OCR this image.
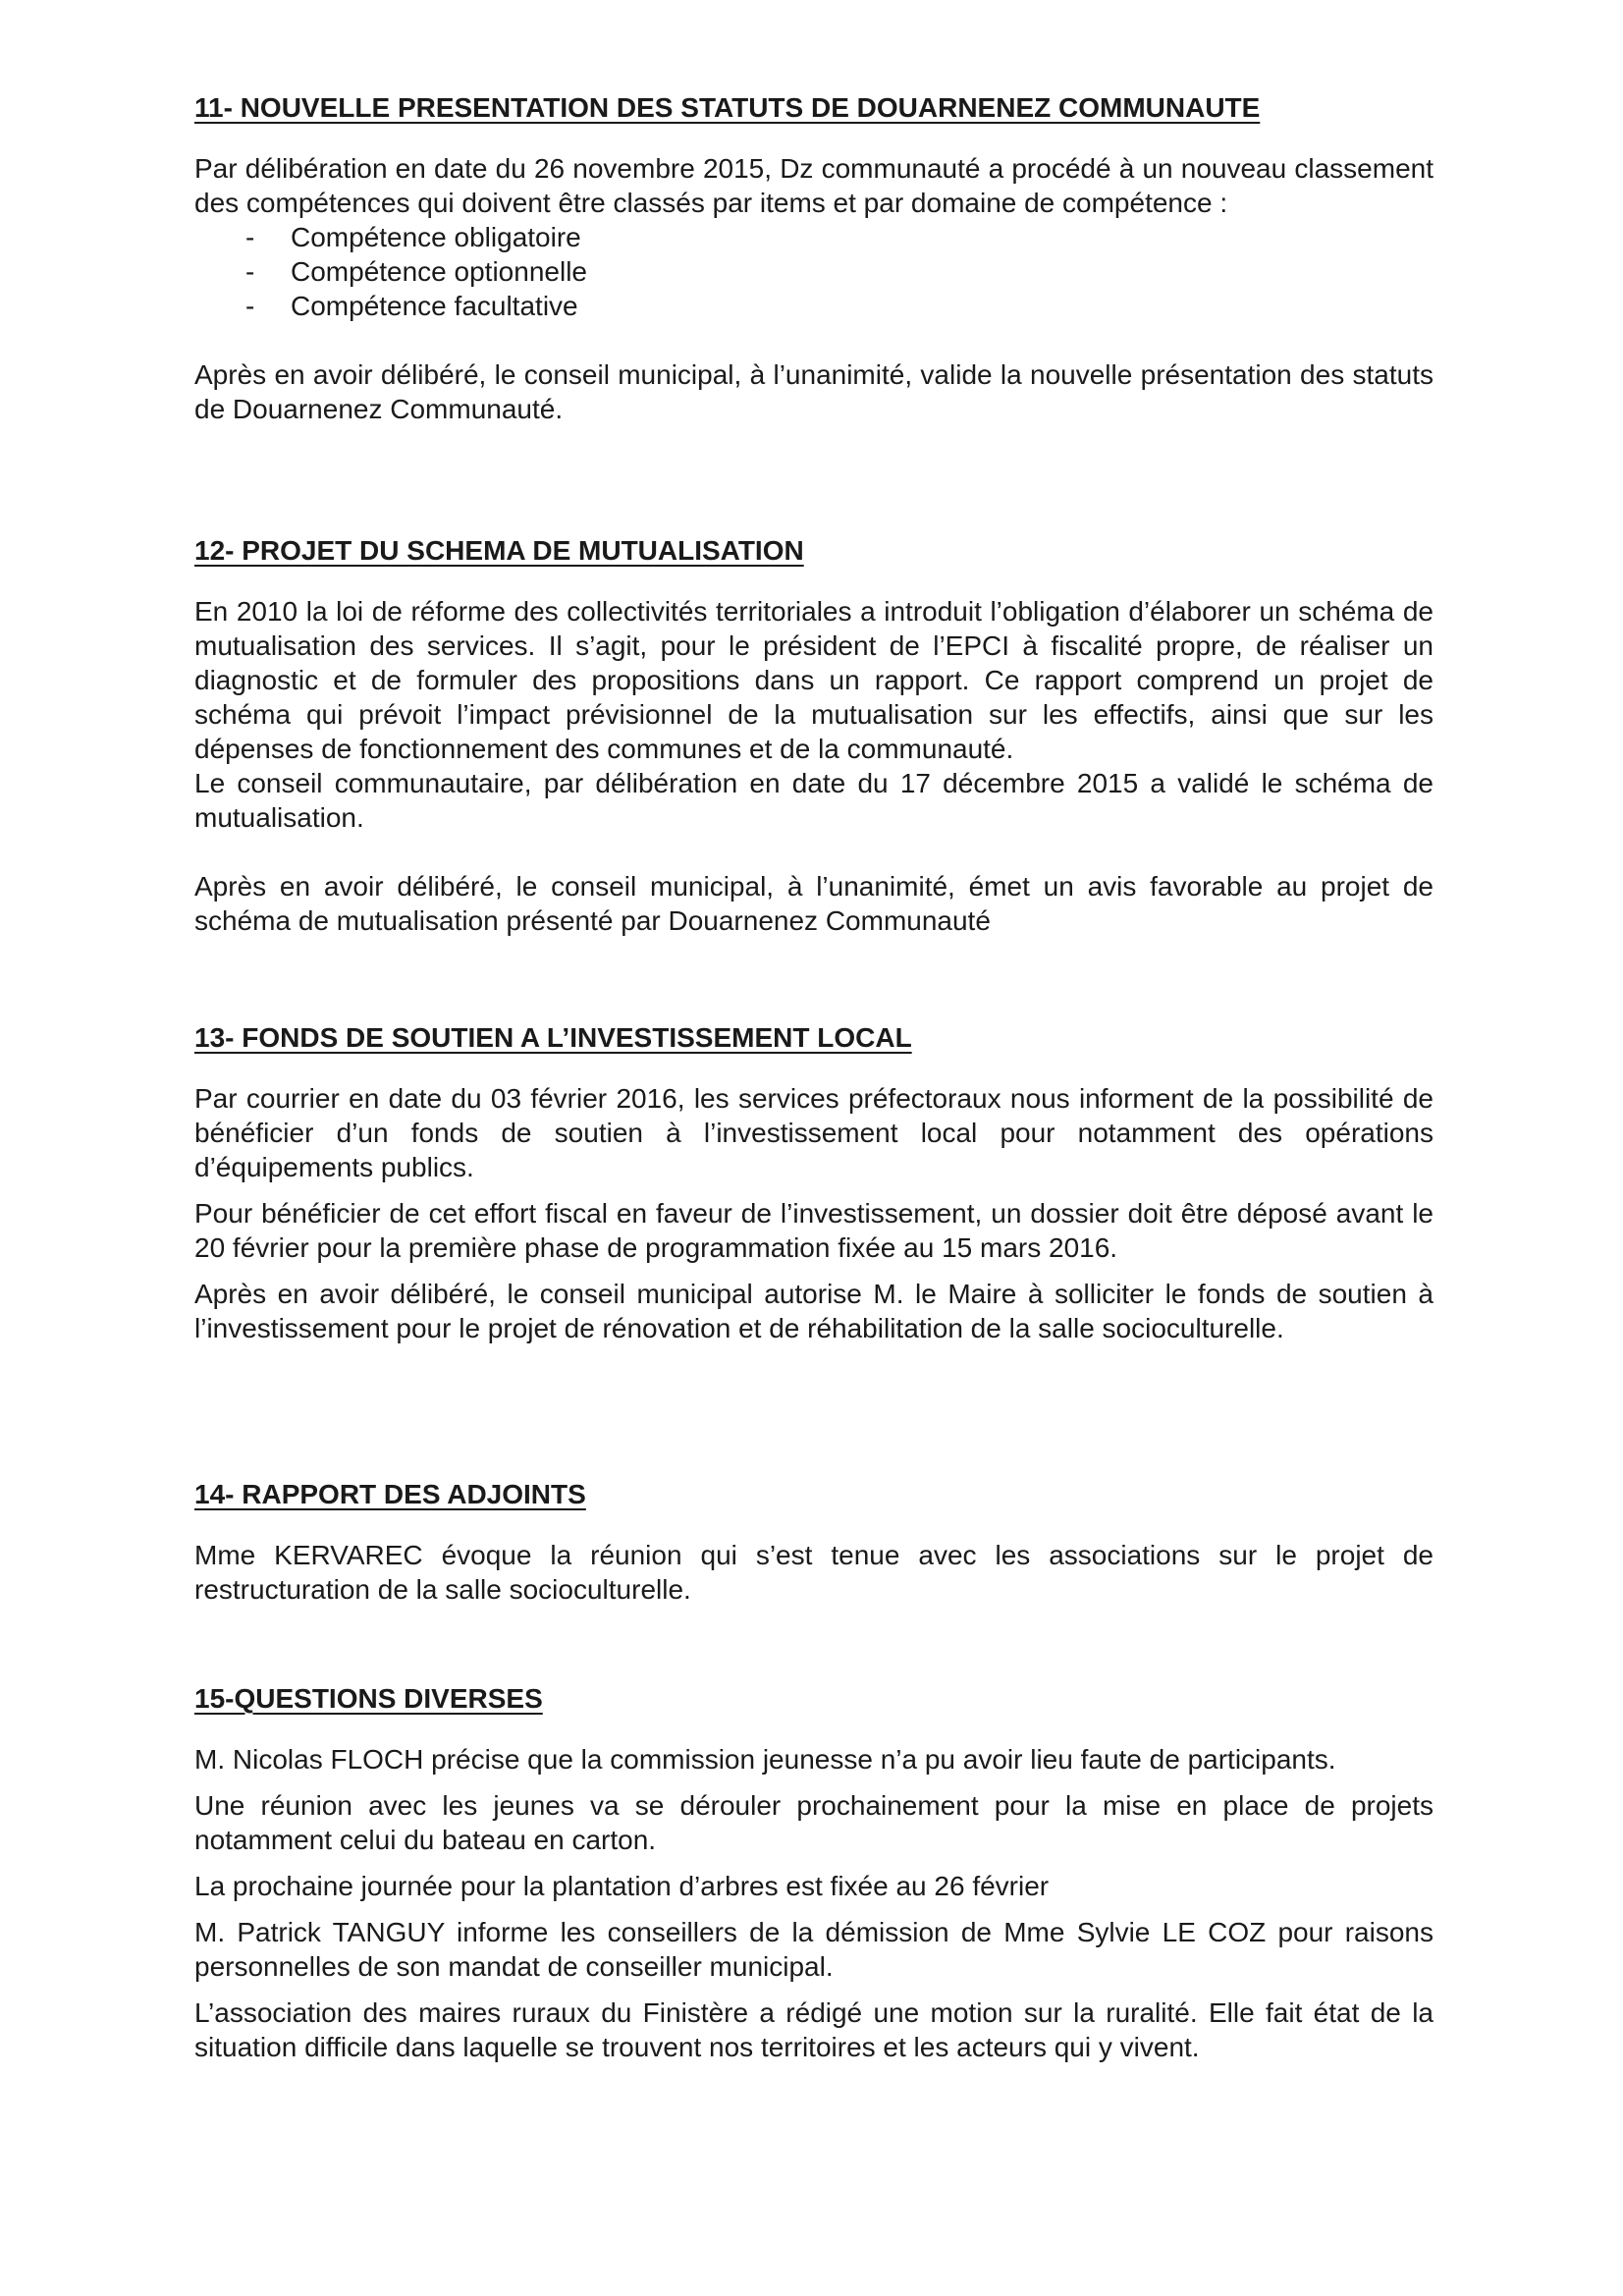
11- NOUVELLE PRESENTATION DES STATUTS DE DOUARNENEZ COMMUNAUTE

Par délibération en date du 26 novembre 2015, Dz communauté a procédé à un nouveau classement des compétences qui doivent être classés par items et par domaine de compétence :

- Compétence obligatoire
- Compétence optionnelle
- Compétence facultative

Après en avoir délibéré, le conseil municipal, à l’unanimité, valide la nouvelle présentation des statuts de Douarnenez Communauté.

12- PROJET DU SCHEMA DE MUTUALISATION

En 2010 la loi de réforme des collectivités territoriales a introduit l’obligation d’élaborer un schéma de mutualisation des services. Il s’agit, pour le président de l’EPCI à fiscalité propre, de réaliser un diagnostic et de formuler des propositions dans un rapport. Ce rapport comprend un projet de schéma qui prévoit l’impact prévisionnel de la mutualisation sur les effectifs, ainsi que sur les dépenses de fonctionnement des communes et de la communauté.

Le conseil communautaire, par délibération en date du 17 décembre 2015 a validé le schéma de mutualisation.

Après en avoir délibéré, le conseil municipal, à l’unanimité, émet un avis favorable au projet de schéma de mutualisation présenté par Douarnenez Communauté

13- FONDS DE SOUTIEN A L’INVESTISSEMENT LOCAL

Par courrier en date du 03 février 2016, les services préfectoraux nous informent de la possibilité de bénéficier d’un fonds de soutien à l’investissement local pour notamment des opérations d’équipements publics.

Pour bénéficier de cet effort fiscal en faveur de l’investissement, un dossier doit être déposé avant le 20 février pour la première phase de programmation fixée au 15 mars 2016.

Après en avoir délibéré, le conseil municipal autorise M. le Maire à solliciter le fonds de soutien à l’investissement pour le projet de rénovation et de réhabilitation de la salle socioculturelle.

14- RAPPORT DES ADJOINTS

Mme KERVAREC évoque la réunion qui s’est tenue avec les associations sur le projet de restructuration de la salle socioculturelle.

15-QUESTIONS DIVERSES

M. Nicolas FLOCH précise que la commission jeunesse n’a pu avoir lieu faute de participants.

Une réunion avec les jeunes va se dérouler prochainement pour la mise en place de projets notamment celui du bateau en carton.

La prochaine journée pour la plantation d’arbres est fixée au 26 février

M. Patrick TANGUY informe les conseillers de la démission de Mme Sylvie LE COZ pour raisons personnelles de son mandat de conseiller municipal.

L’association des maires ruraux du Finistère a rédigé une motion sur la ruralité. Elle fait état de la situation difficile dans laquelle se trouvent nos territoires et les acteurs qui y vivent.
